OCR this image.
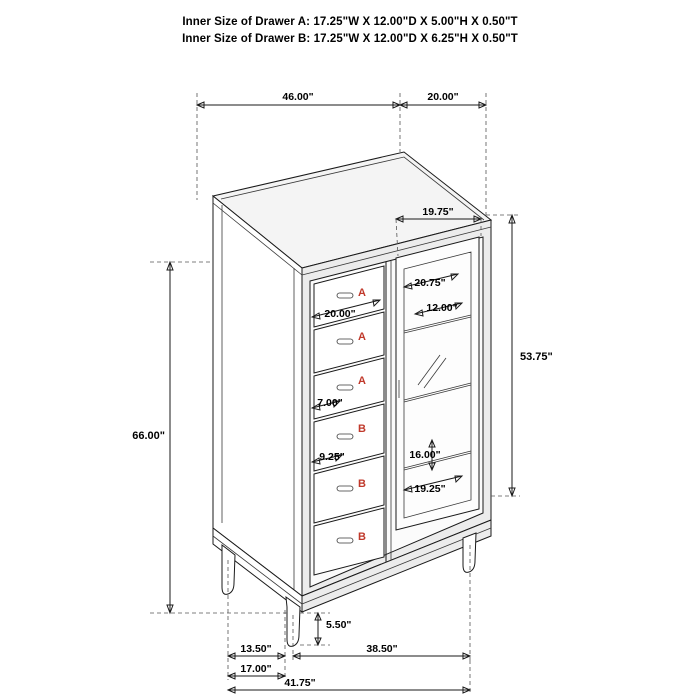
Inner Size of Drawer A: 17.25"W X 12.00"D X 5.00"H X 0.50"T
Inner Size of Drawer B: 17.25"W X 12.00"D X 6.25"H X 0.50"T
46.00"	20.00"
A
A
A
B
B
B
66.00"
53.75"
19.75"
20.75"
12.00"
16.00"
19.25"
20.00"
7.00"
9.25"
5.50"
13.50"	38.50"
17.00"
41.75"
